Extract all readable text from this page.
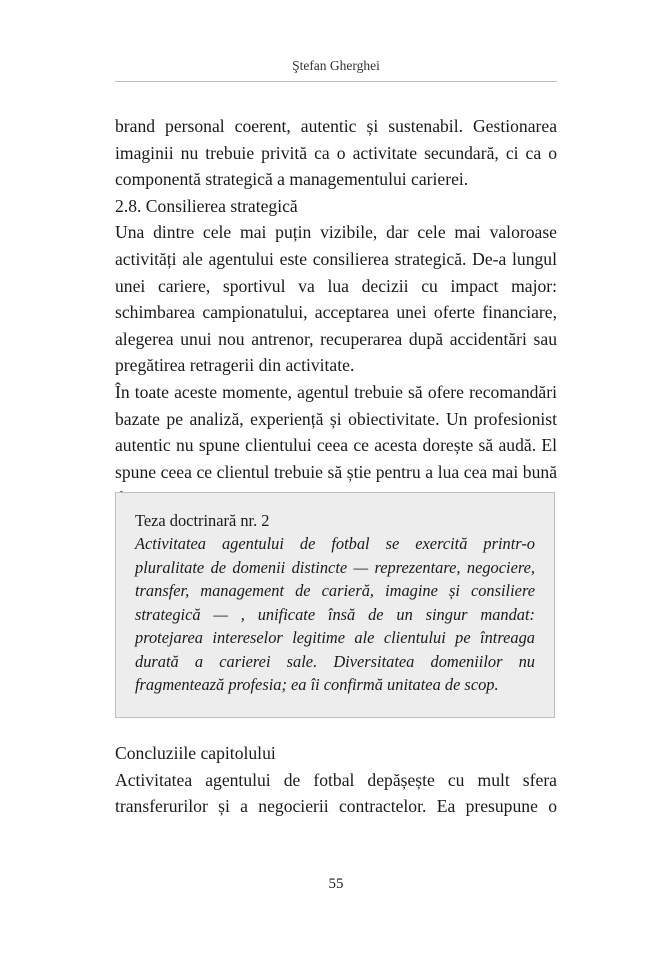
Ştefan Gherghei

brand personal coerent, autentic și sustenabil. Gestionarea imaginii nu trebuie privită ca o activitate secundară, ci ca o componentă strategică a managementului carierei.

2.8. Consilierea strategică

Una dintre cele mai puțin vizibile, dar cele mai valoroase activități ale agentului este consilierea strategică. De-a lungul unei cariere, sportivul va lua decizii cu impact major: schimbarea campionatului, acceptarea unei oferte financiare, alegerea unui nou antrenor, recuperarea după accidentări sau pregătirea retragerii din activitate.

În toate aceste momente, agentul trebuie să ofere recomandări bazate pe analiză, experiență și obiectivitate. Un profesionist autentic nu spune clientului ceea ce acesta dorește să audă. El spune ceea ce clientul trebuie să știe pentru a lua cea mai bună

Teza doctrinară nr. 2

Activitatea agentului de fotbal se exercită printr-o pluralitate de domenii distincte — reprezentare, negociere, transfer, management de carieră, imagine și consiliere strategică — , unificate însă de un singur mandat: protejarea intereselor legitime ale clientului pe întreaga durată a carierei sale. Diversitatea domeniilor nu fragmentează profesia; ea îi confirmă unitatea de scop.

Concluziile capitolului

Activitatea agentului de fotbal depășește cu mult sfera transferurilor și a negocierii contractelor. Ea presupune o

55
